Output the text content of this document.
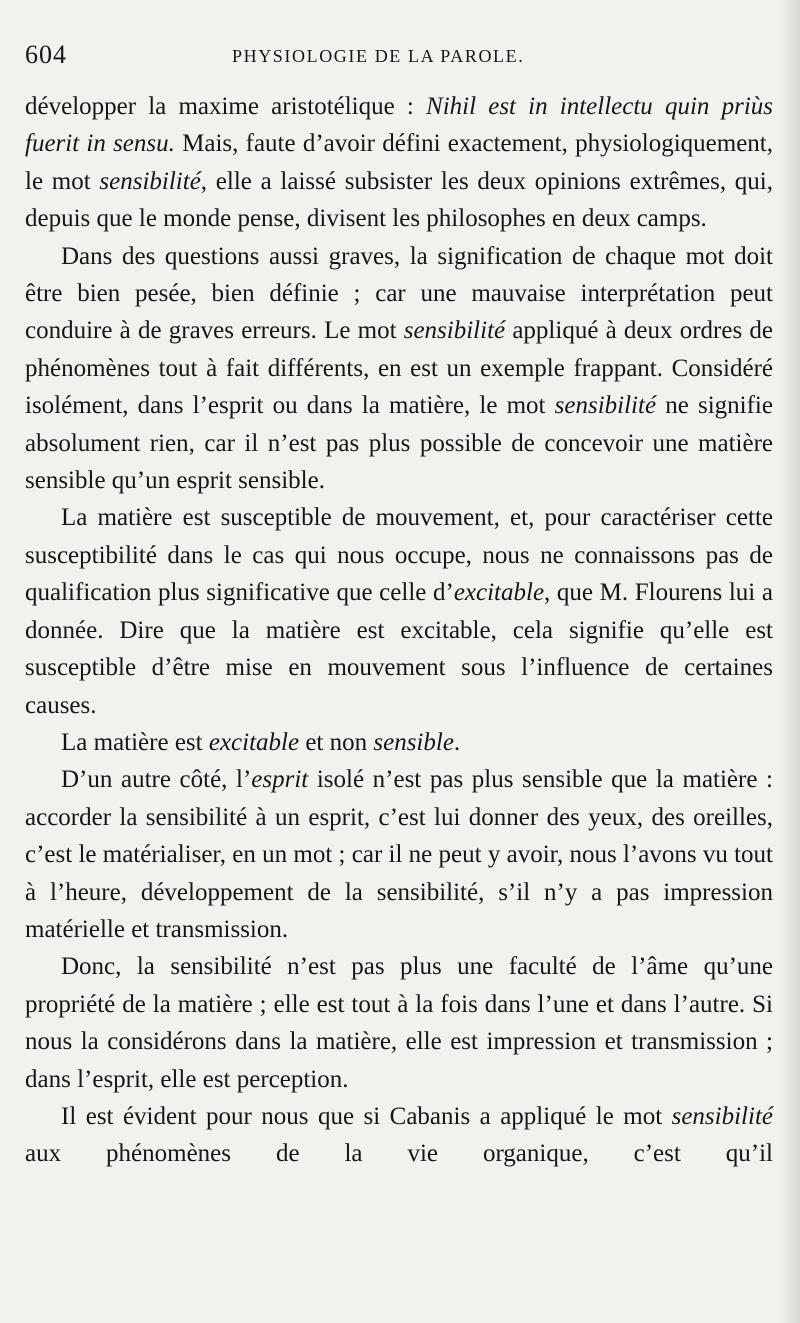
604	PHYSIOLOGIE DE LA PAROLE.

développer la maxime aristotélique : Nihil est in intellectu quin priùs fuerit in sensu. Mais, faute d’avoir défini exactement, physiologiquement, le mot sensibilité, elle a laissé subsister les deux opinions extrêmes, qui, depuis que le monde pense, divisent les philosophes en deux camps.

Dans des questions aussi graves, la signification de chaque mot doit être bien pesée, bien définie ; car une mauvaise interprétation peut conduire à de graves erreurs. Le mot sensibilité appliqué à deux ordres de phénomènes tout à fait différents, en est un exemple frappant. Considéré isolément, dans l’esprit ou dans la matière, le mot sensibilité ne signifie absolument rien, car il n’est pas plus possible de concevoir une matière sensible qu’un esprit sensible.

La matière est susceptible de mouvement, et, pour caractériser cette susceptibilité dans le cas qui nous occupe, nous ne connaissons pas de qualification plus significative que celle d’excitable, que M. Flourens lui a donnée. Dire que la matière est excitable, cela signifie qu’elle est susceptible d’être mise en mouvement sous l’influence de certaines causes.

La matière est excitable et non sensible.

D’un autre côté, l’esprit isolé n’est pas plus sensible que la matière : accorder la sensibilité à un esprit, c’est lui donner des yeux, des oreilles, c’est le matérialiser, en un mot ; car il ne peut y avoir, nous l’avons vu tout à l’heure, développement de la sensibilité, s’il n’y a pas impression matérielle et transmission.

Donc, la sensibilité n’est pas plus une faculté de l’âme qu’une propriété de la matière ; elle est tout à la fois dans l’une et dans l’autre. Si nous la considérons dans la matière, elle est impression et transmission ; dans l’esprit, elle est perception.

Il est évident pour nous que si Cabanis a appliqué le mot sensibilité aux phénomènes de la vie organique, c’est qu’il
